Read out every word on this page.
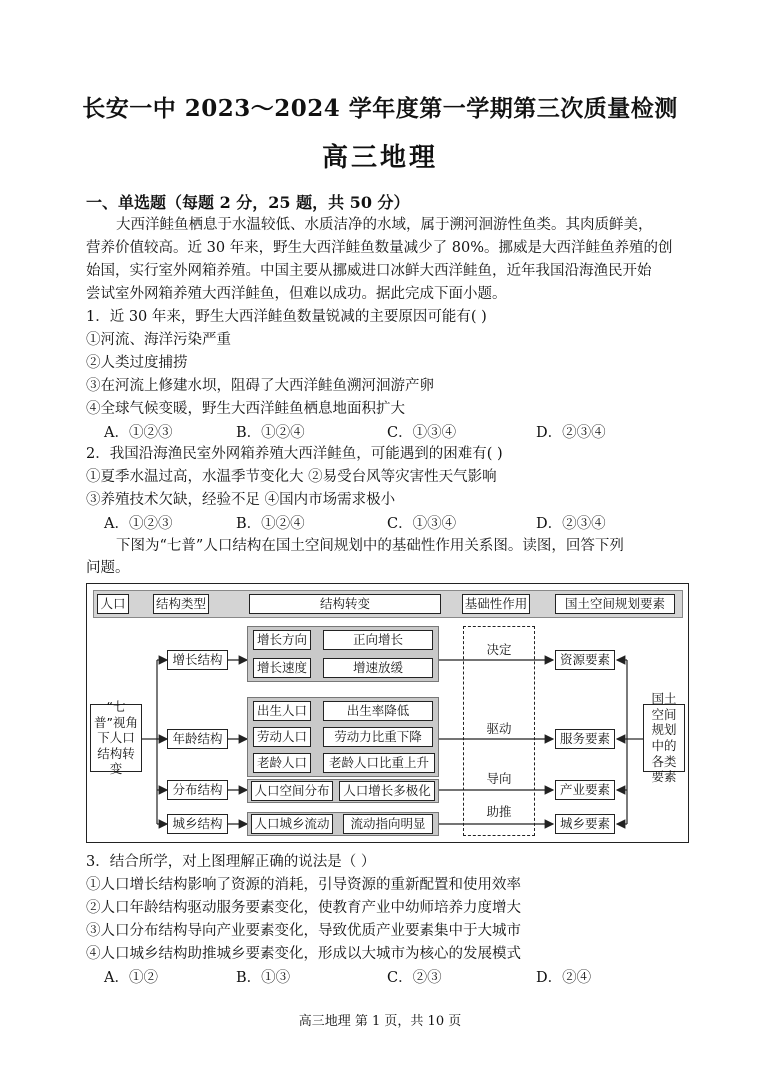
长安一中 2023～2024 学年度第一学期第三次质量检测
高三地理
一、单选题（每题 2 分，25 题，共 50 分）
大西洋鲑鱼栖息于水温较低、水质洁净的水域，属于溯河洄游性鱼类。其肉质鲜美，
营养价值较高。近 30 年来，野生大西洋鲑鱼数量减少了 80%。挪威是大西洋鲑鱼养殖的创
始国，实行室外网箱养殖。中国主要从挪威进口冰鲜大西洋鲑鱼，近年我国沿海渔民开始
尝试室外网箱养殖大西洋鲑鱼，但难以成功。据此完成下面小题。
1．近 30 年来，野生大西洋鲑鱼数量锐减的主要原因可能有( )
①河流、海洋污染严重
②人类过度捕捞
③在河流上修建水坝，阻碍了大西洋鲑鱼溯河洄游产卵
④全球气候变暖，野生大西洋鲑鱼栖息地面积扩大
A．①②③	B．①②④	C．①③④	D．②③④
2．我国沿海渔民室外网箱养殖大西洋鲑鱼，可能遇到的困难有( )
①夏季水温过高，水温季节变化大 ②易受台风等灾害性天气影响
③养殖技术欠缺，经验不足 ④国内市场需求极小
A．①②③	B．①②④	C．①③④	D．②③④
下图为“七普”人口结构在国土空间规划中的基础性作用关系图。读图，回答下列
问题。
人口 结构类型	结构转变	基础性作用	国土空间规划要素
“七普”视角下人口结构转变
国土空间规划中的各类要素
增长结构
年龄结构
分布结构
城乡结构
增长方向	正向增长
增长速度	增速放缓
出生人口	出生率降低
劳动人口	劳动力比重下降
老龄人口	老龄人口比重上升
人口空间分布	人口增长多极化
人口城乡流动	流动指向明显
决定
驱动
导向
助推
资源要素
服务要素
产业要素
城乡要素
3．结合所学，对上图理解正确的说法是（ ）
①人口增长结构影响了资源的消耗，引导资源的重新配置和使用效率
②人口年龄结构驱动服务要素变化，使教育产业中幼师培养力度增大
③人口分布结构导向产业要素变化，导致优质产业要素集中于大城市
④人口城乡结构助推城乡要素变化，形成以大城市为核心的发展模式
A．①②	B．①③	C．②③	D．②④
高三地理 第 1 页，共 10 页
